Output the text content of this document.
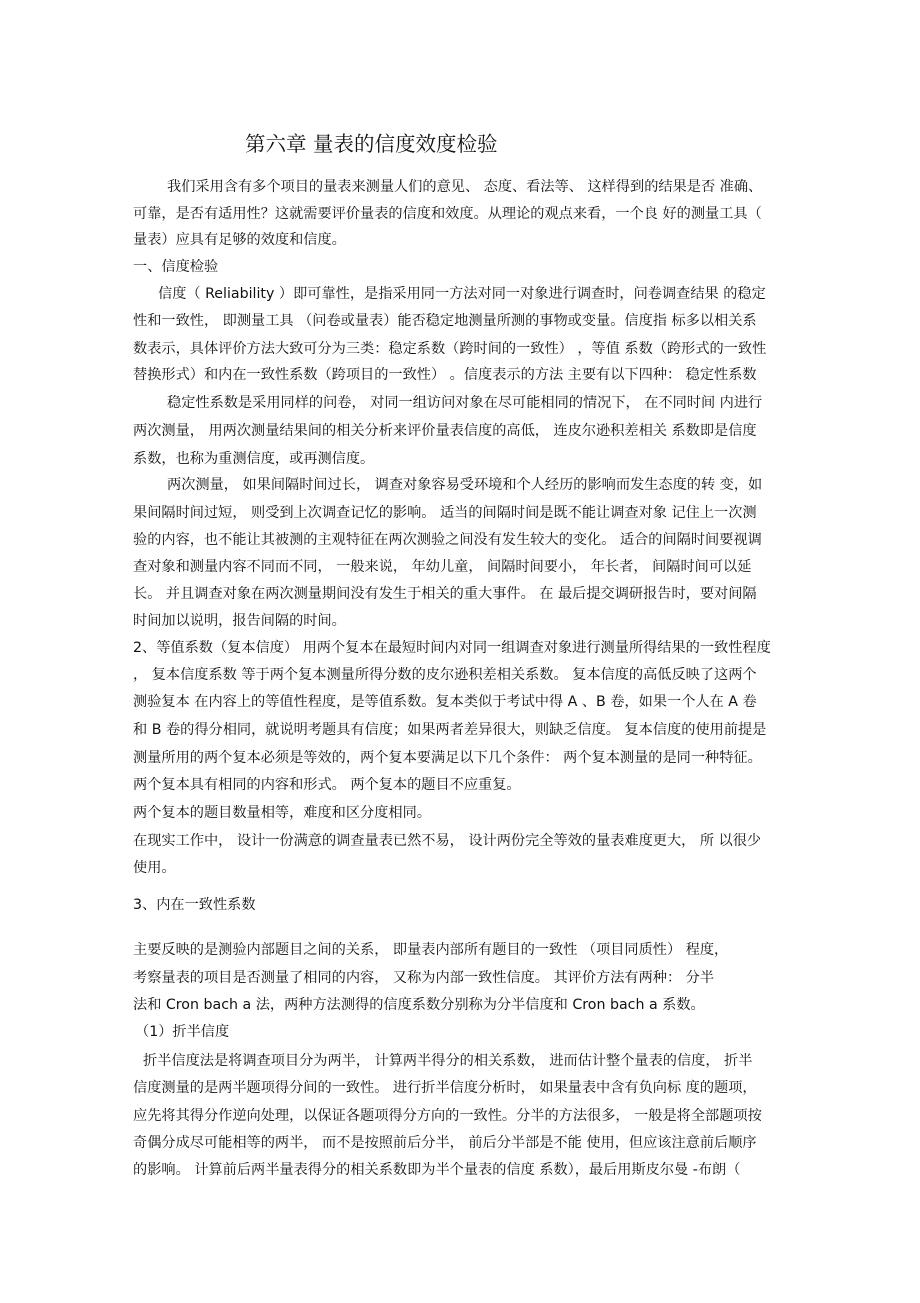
第六章 量表的信度效度检验
我们采用含有多个项目的量表来测量人们的意见、 态度、看法等、 这样得到的结果是否 准确、
可靠，是否有适用性？这就需要评价量表的信度和效度。从理论的观点来看，一个良 好的测量工具（
量表）应具有足够的效度和信度。
一、信度检验
信度（ Reliability ）即可靠性，是指采用同一方法对同一对象进行调查时，问卷调查结果 的稳定
性和一致性， 即测量工具 （问卷或量表）能否稳定地测量所测的事物或变量。信度指 标多以相关系
数表示，具体评价方法大致可分为三类：稳定系数（跨时间的一致性） ，等值 系数（跨形式的一致性
替换形式）和内在一致性系数（跨项目的一致性） 。信度表示的方法 主要有以下四种： 稳定性系数
稳定性系数是采用同样的问卷， 对同一组访问对象在尽可能相同的情况下， 在不同时间 内进行
两次测量， 用两次测量结果间的相关分析来评价量表信度的高低， 连皮尔逊积差相关 系数即是信度
系数，也称为重测信度，或再测信度。
两次测量， 如果间隔时间过长， 调查对象容易受环境和个人经历的影响而发生态度的转 变，如
果间隔时间过短， 则受到上次调查记忆的影响。 适当的间隔时间是既不能让调查对象 记住上一次测
验的内容，也不能让其被测的主观特征在两次测验之间没有发生较大的变化。 适合的间隔时间要视调
查对象和测量内容不同而不同， 一般来说， 年幼儿童， 间隔时间要小， 年长者， 间隔时间可以延
长。 并且调查对象在两次测量期间没有发生于相关的重大事件。 在 最后提交调研报告时，要对间隔
时间加以说明，报告间隔的时间。
2、等值系数（复本信度） 用两个复本在最短时间内对同一组调查对象进行测量所得结果的一致性程度
， 复本信度系数 等于两个复本测量所得分数的皮尔逊积差相关系数。 复本信度的高低反映了这两个
测验复本 在内容上的等值性程度，是等值系数。复本类似于考试中得 A 、B 卷，如果一个人在 A 卷
和 B 卷的得分相同，就说明考题具有信度；如果两者差异很大，则缺乏信度。 复本信度的使用前提是
测量所用的两个复本必须是等效的，两个复本要满足以下几个条件： 两个复本测量的是同一种特征。
两个复本具有相同的内容和形式。 两个复本的题目不应重复。
两个复本的题目数量相等，难度和区分度相同。
在现实工作中， 设计一份满意的调查量表已然不易， 设计两份完全等效的量表难度更大， 所 以很少
使用。
3、内在一致性系数
主要反映的是测验内部题目之间的关系， 即量表内部所有题目的一致性 （项目同质性） 程度，
考察量表的项目是否测量了相同的内容， 又称为内部一致性信度。 其评价方法有两种： 分半
法和 Cron bach a 法，两种方法测得的信度系数分别称为分半信度和 Cron bach a 系数。
（1）折半信度
折半信度法是将调查项目分为两半， 计算两半得分的相关系数， 进而估计整个量表的信度， 折半
信度测量的是两半题项得分间的一致性。 进行折半信度分析时， 如果量表中含有负向标 度的题项，
应先将其得分作逆向处理，以保证各题项得分方向的一致性。分半的方法很多， 一般是将全部题项按
奇偶分成尽可能相等的两半， 而不是按照前后分半， 前后分半部是不能 使用，但应该注意前后顺序
的影响。 计算前后两半量表得分的相关系数即为半个量表的信度 系数），最后用斯皮尔曼 -布朗（
